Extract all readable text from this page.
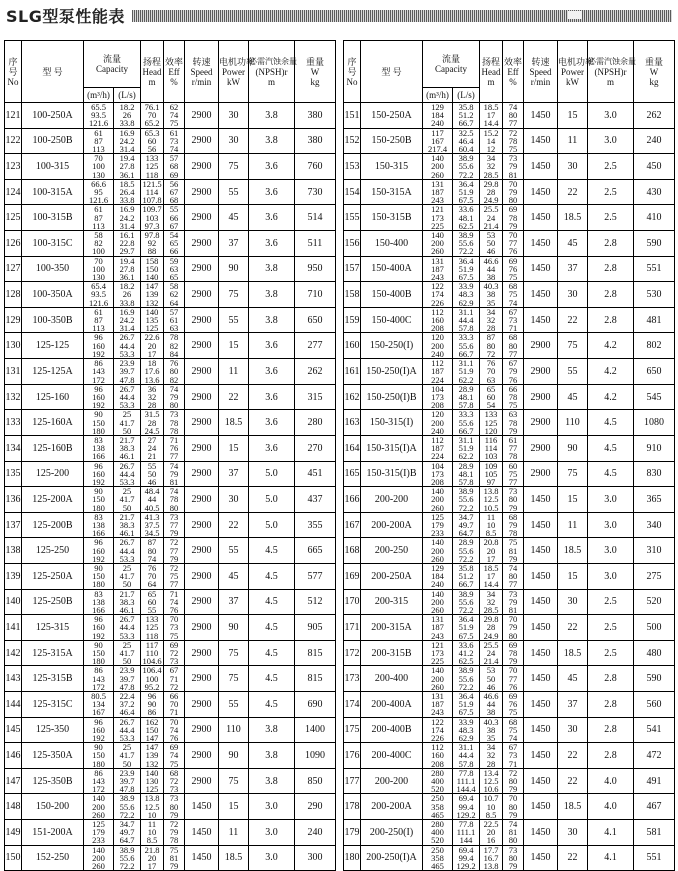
SLG型泵性能表
序
号
No	型 号	流量
Capacity		扬程
Head
m	效率
Eff
%	转速
Speed
r/min	电机功率
Power
kW	必需汽蚀余量
(NPSH)r
m	重量
W
kg
		(m³/h)	(L/s)						
121	100-250A	65.5
93.5
121.6	18.2
26
33.8	76.1
70
65.2	62
74
75	2900	30	3.8	380
122	100-250B	61
87
113	16.9
24.2
31.4	65.3
60
56	61
73
74	2900	30	3.8	380
123	100-315	70
100
130	19.4
27.8
36.1	133
125
118	57
68
69	2900	75	3.6	760
124	100-315A	66.6
95
121.6	18.5
26.4
33.8	121.5
114
107.8	56
67
68	2900	55	3.6	730
125	100-315B	61
87
113	16.9
24.2
31.4	109.7
103
97.3	55
66
67	2900	45	3.6	514
126	100-315C	58
82
100	16.1
22.8
29.7	97.8
92
88	54
65
66	2900	37	3.6	511
127	100-350	70
100
130	19.4
27.8
36.1	158
150
140	59
63
65	2900	90	3.8	950
128	100-350A	65.4
93.5
121.6	18.2
26
33.8	147
139
132	58
62
64	2900	75	3.8	710
129	100-350B	61
87
113	16.9
24.2
31.4	140
135
125	57
61
63	2900	55	3.8	650
130	125-125	96
160
192	26.7
44.4
53.3	22.6
20
17	78
82
84	2900	15	3.6	277
131	125-125A	86
143
172	23.9
39.7
47.8	18
17.6
13.6	76
80
82	2900	11	3.6	262
132	125-160	96
160
192	26.7
44.4
53.3	36
32
28	74
79
80	2900	22	3.6	315
133	125-160A	90
150
180	25
41.7
50	31.5
28
24.5	73
78
78	2900	18.5	3.6	280
134	125-160B	83
138
166	21.7
38.3
46.1	27
24
21	71
76
77	2900	15	3.6	270
135	125-200	96
160
192	26.7
44.4
53.3	55
50
46	74
79
81	2900	37	5.0	451
136	125-200A	90
150
180	25
41.7
50	48.4
44
40.5	74
78
80	2900	30	5.0	437
137	125-200B	83
138
166	21.7
38.3
46.1	41.3
37.5
34.5	73
77
79	2900	22	5.0	355
138	125-250	96
160
192	26.7
44.4
53.3	87
80
74	72
77
79	2900	55	4.5	665
139	125-250A	90
150
180	25
41.7
50	76
70
64	72
75
77	2900	45	4.5	577
140	125-250B	83
138
166	21.7
38.3
46.1	65
60
55	71
74
76	2900	37	4.5	512
141	125-315	96
160
192	26.7
44.4
53.3	133
125
118	70
73
75	2900	90	4.5	905
142	125-315A	90
150
180	25
41.7
50	117
110
104.6	69
72
73	2900	75	4.5	815
143	125-315B	86
143
172	23.9
39.7
47.8	106.4
100
95.2	67
71
72	2900	75	4.5	815
144	125-315C	80.5
134
167	22.4
37.2
46.4	96
90
86	66
70
71	2900	55	4.5	690
145	125-350	96
160
192	26.7
44.4
53.3	162
150
147	70
74
76	2900	110	3.8	1400
146	125-350A	90
150
180	25
41.7
50	147
139
132	69
74
75	2900	90	3.8	1090
147	125-350B	86
143
172	23.9
39.7
47.8	140
130
125	68
72
73	2900	75	3.8	850
148	150-200	140
200
260	38.9
55.6
72.2	13.8
12.5
10	73
80
79	1450	15	3.0	290
149	151-200A	125
179
233	34.7
49.7
64.7	11
10
8.5	72
79
78	1450	11	3.0	240
150	152-250	140
200
260	38.9
55.6
72.2	21.8
20
17	75
81
79	1450	18.5	3.0	300
序
号
No	型 号	流量
Capacity		扬程
Head
m	效率
Eff
%	转速
Speed
r/min	电机功率
Power
kW	必需汽蚀余量
(NPSH)r
m	重量
W
kg
		(m³/h)	(L/s)						
151	150-250A	129
184
240	35.8
51.2
66.7	18.5
17
14.4	74
80
77	1450	15	3.0	262
152	150-250B	117
167
217.4	32.5
46.4
60.4	15.2
14
12	72
78
75	1450	11	3.0	240
153	150-315	140
200
260	38.9
55.6
72.2	34
32
28.5	73
79
81	1450	30	2.5	450
154	150-315A	131
187
243	36.4
51.9
67.5	29.8
28
24.9	70
79
80	1450	22	2.5	430
155	150-315B	121
173
225	33.6
48.1
62.5	25.5
24
21.4	69
78
79	1450	18.5	2.5	410
156	150-400	140
200
260	38.9
55.6
72.2	53
50
46	70
77
76	1450	45	2.8	590
157	150-400A	131
187
243	36.4
51.9
67.5	46.6
44
38	69
76
75	1450	37	2.8	551
158	150-400B	122
174
226	33.9
48.3
62.9	40.3
38
35	68
75
74	1450	30	2.8	530
159	150-400C	112
160
208	31.1
44.4
57.8	34
32
28	67
73
71	1450	22	2.8	481
160	150-250(I)	120
200
240	33.3
55.6
66.7	87
80
72	68
80
77	2900	75	4.2	802
161	150-250(I)A	112
187
224	31.1
51.9
62.2	76
70
63	67
79
76	2900	55	4.2	650
162	150-250(I)B	104
173
208	28.9
48.1
57.8	65
60
54	66
78
75	2900	45	4.2	545
163	150-315(I)	120
200
240	33.3
55.6
66.7	133
125
120	63
78
79	2900	110	4.5	1080
164	150-315(I)A	112
187
224	31.1
51.9
62.2	116
114
103	61
77
78	2900	90	4.5	910
165	150-315(I)B	104
173
208	28.9
48.1
57.8	109
105
97	60
75
77	2900	75	4.5	830
166	200-200	140
200
260	38.9
55.6
72.2	13.8
12.5
10.5	73
80
79	1450	15	3.0	365
167	200-200A	125
179
233	34.7
49.7
64.7	11
10
8.5	68
79
78	1450	11	3.0	340
168	200-250	140
200
260	28.9
55.6
72.2	20.8
20
17	75
81
79	1450	18.5	3.0	310
169	200-250A	129
184
240	35.8
51.2
66.7	18.5
17
14.4	74
80
77	1450	15	3.0	275
170	200-315	140
200
260	38.9
55.6
72.2	34
32
28.5	73
79
81	1450	30	2.5	520
171	200-315A	131
187
243	36.4
51.9
67.5	29.8
28
24.9	70
79
80	1450	22	2.5	500
172	200-315B	121
173
225	33.6
41.2
62.5	25.5
24
21.4	69
78
79	1450	18.5	2.5	480
173	200-400	140
200
260	38.9
55.6
72.2	53
50
46	70
77
76	1450	45	2.8	590
174	200-400A	131
187
243	36.4
51.9
67.5	46.6
44
38	69
76
75	1450	37	2.8	560
175	200-400B	122
174
226	33.9
48.3
62.9	40.3
38
35	68
75
74	1450	30	2.8	541
176	200-400C	112
160
208	31.1
44.4
57.8	34
32
28	67
73
71	1450	22	2.8	472
177	200-200	280
400
520	77.8
111.1
144.4	13.4
12.5
10.6	72
80
79	1450	22	4.0	491
178	200-200A	250
358
465	69.4
99.4
129.2	10.7
10
8.5	70
80
79	1450	18.5	4.0	467
179	200-250(I)	280
400
520	77.8
111.1
144	22.5
20
16	74
81
80	1450	30	4.1	581
180	200-250(I)A	250
358
465	69.4
99.4
129.2	17.7
16.7
13.8	73
80
79	1450	22	4.1	551
